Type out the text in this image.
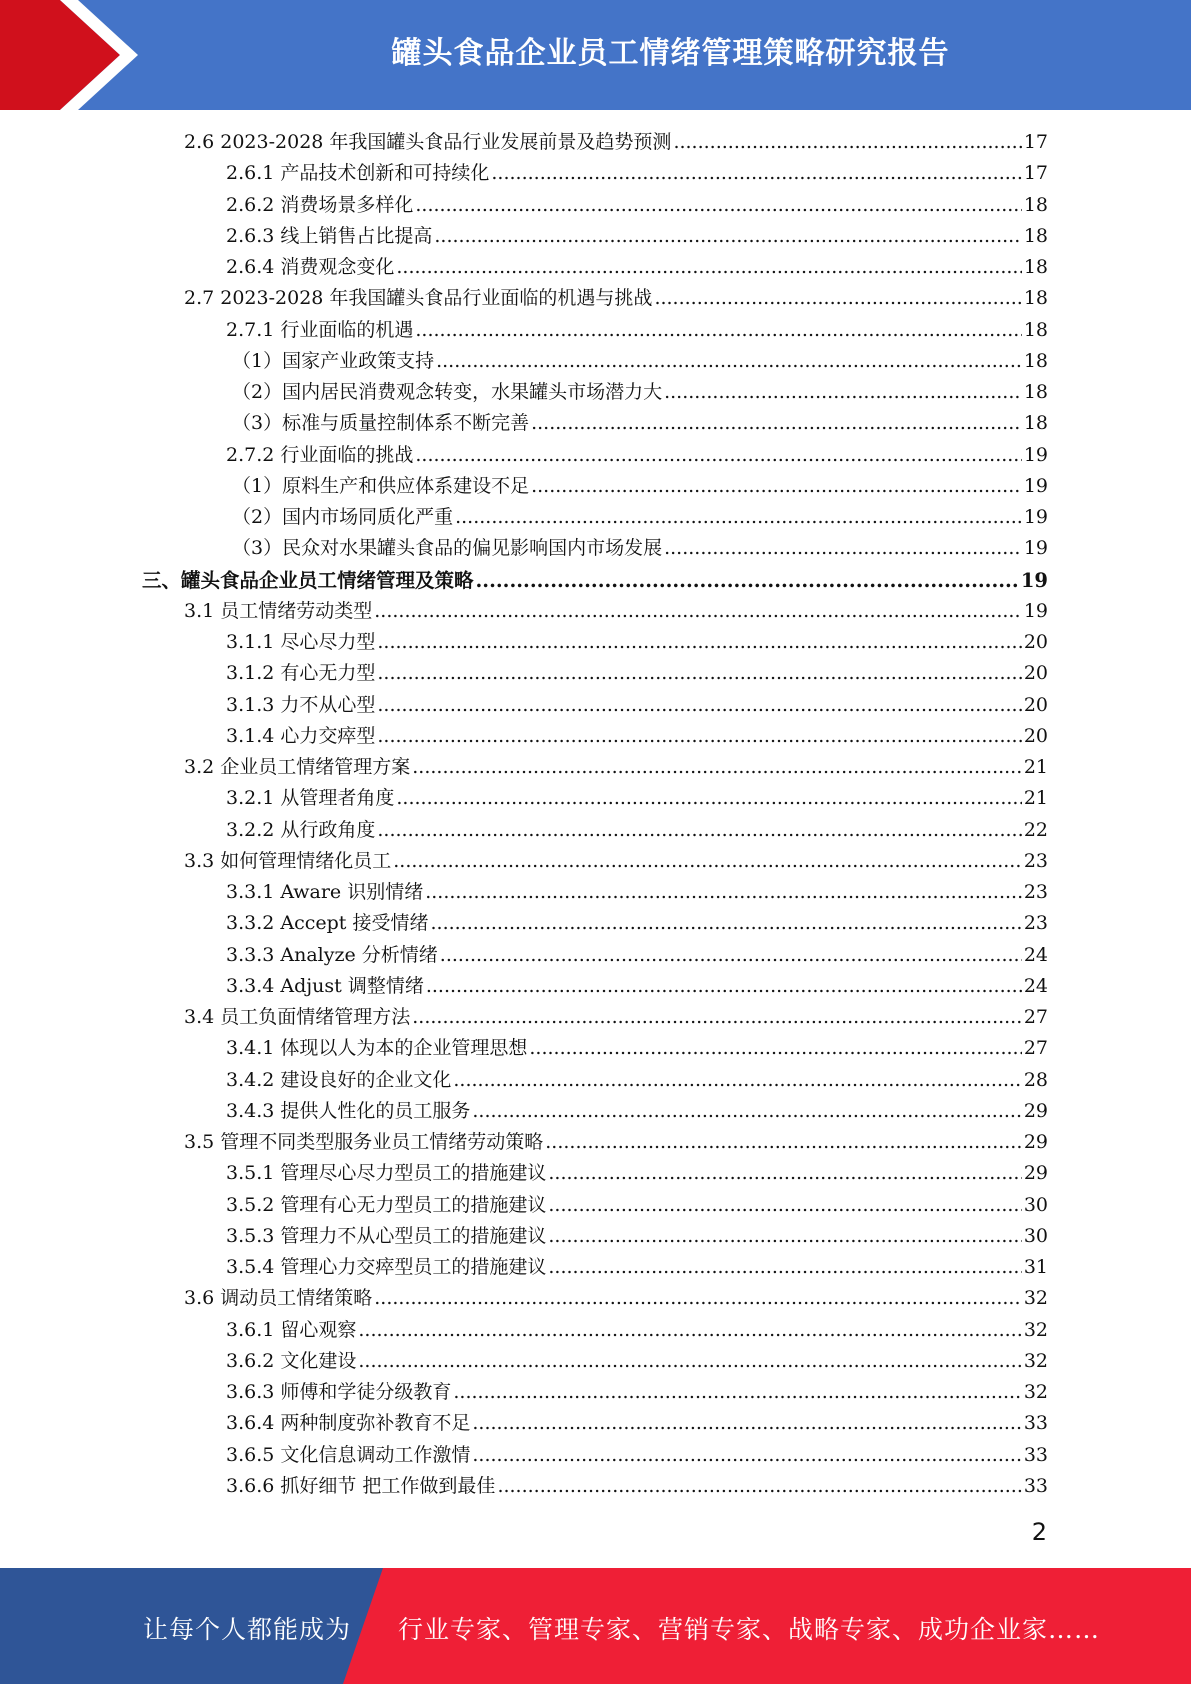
罐头食品企业员工情绪管理策略研究报告
2.6 2023-2028 年我国罐头食品行业发展前景及趋势预测 .....	17
2.6.1 产品技术创新和可持续化 .....	17
2.6.2 消费场景多样化 .....	18
2.6.3 线上销售占比提高 .....	18
2.6.4 消费观念变化 .....	18
2.7 2023-2028 年我国罐头食品行业面临的机遇与挑战 .....	18
2.7.1 行业面临的机遇 .....	18
（1）国家产业政策支持 .....	18
（2）国内居民消费观念转变，水果罐头市场潜力大 .....	18
（3）标准与质量控制体系不断完善 .....	18
2.7.2 行业面临的挑战 .....	19
（1）原料生产和供应体系建设不足 .....	19
（2）国内市场同质化严重 .....	19
（3）民众对水果罐头食品的偏见影响国内市场发展 .....	19
三、罐头食品企业员工情绪管理及策略 .....	19
3.1 员工情绪劳动类型 .....	19
3.1.1 尽心尽力型 .....	20
3.1.2 有心无力型 .....	20
3.1.3 力不从心型 .....	20
3.1.4 心力交瘁型 .....	20
3.2 企业员工情绪管理方案 .....	21
3.2.1 从管理者角度 .....	21
3.2.2 从行政角度 .....	22
3.3 如何管理情绪化员工 .....	23
3.3.1 Aware 识别情绪 .....	23
3.3.2 Accept 接受情绪 .....	23
3.3.3 Analyze 分析情绪 .....	24
3.3.4 Adjust 调整情绪 .....	24
3.4 员工负面情绪管理方法 .....	27
3.4.1 体现以人为本的企业管理思想 .....	27
3.4.2 建设良好的企业文化 .....	28
3.4.3 提供人性化的员工服务 .....	29
3.5 管理不同类型服务业员工情绪劳动策略 .....	29
3.5.1 管理尽心尽力型员工的措施建议 .....	29
3.5.2 管理有心无力型员工的措施建议 .....	30
3.5.3 管理力不从心型员工的措施建议 .....	30
3.5.4 管理心力交瘁型员工的措施建议 .....	31
3.6 调动员工情绪策略 .....	32
3.6.1 留心观察 .....	32
3.6.2 文化建设 .....	32
3.6.3 师傅和学徒分级教育 .....	32
3.6.4 两种制度弥补教育不足 .....	33
3.6.5 文化信息调动工作激情 .....	33
3.6.6 抓好细节 把工作做到最佳 .....	33
2
让每个人都能成为 行业专家、管理专家、营销专家、战略专家、成功企业家……
